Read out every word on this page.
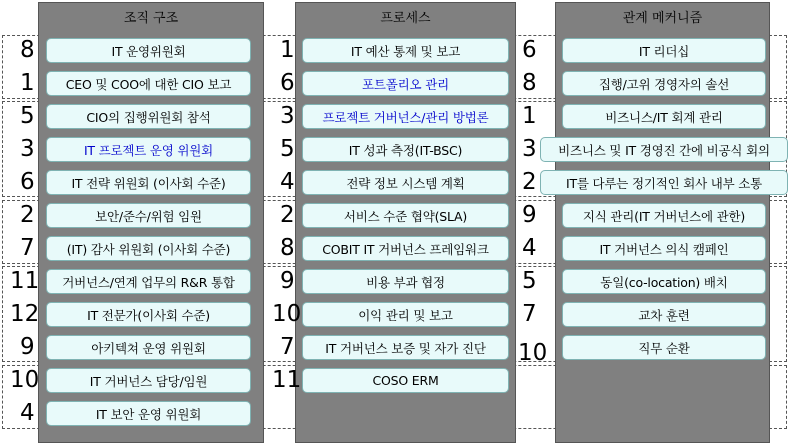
조직 구조	프로세스	관계 메커니즘
8	IT 운영위원회
1	CEO 및 COO에 대한 CIO 보고
5	CIO의 집행위원회 참석
3	IT 프로젝트 운영 위원회
6	IT 전략 위원회 (이사회 수준)
2	보안/준수/위험 임원
7	(IT) 감사 위원회 (이사회 수준)
11	거버넌스/연계 업무의 R&R 통합
12	IT 전문가(이사회 수준)
9	아키텍쳐 운영 위원회
10	IT 거버넌스 담당/임원
4	IT 보안 운영 위원회
1	IT 예산 통제 및 보고
6	포트폴리오 관리
3	프로젝트 거버넌스/관리 방법론
5	IT 성과 측정(IT-BSC)
4	전략 정보 시스템 계획
2	서비스 수준 협약(SLA)
8	COBIT IT 거버넌스 프레임워크
9	비용 부과 협정
10	이익 관리 및 보고
7	IT 거버넌스 보증 및 자가 진단
11	COSO ERM
6	IT 리더십
8	집행/고위 경영자의 솔선
1	비즈니스/IT 회계 관리
3	비즈니스 및 IT 경영진 간에 비공식 회의
2	IT를 다루는 정기적인 회사 내부 소통
9	지식 관리(IT 거버넌스에 관한)
4	IT 거버넌스 의식 캠페인
5	동일(co-location) 배치
7	교차 훈련
10	직무 순환
